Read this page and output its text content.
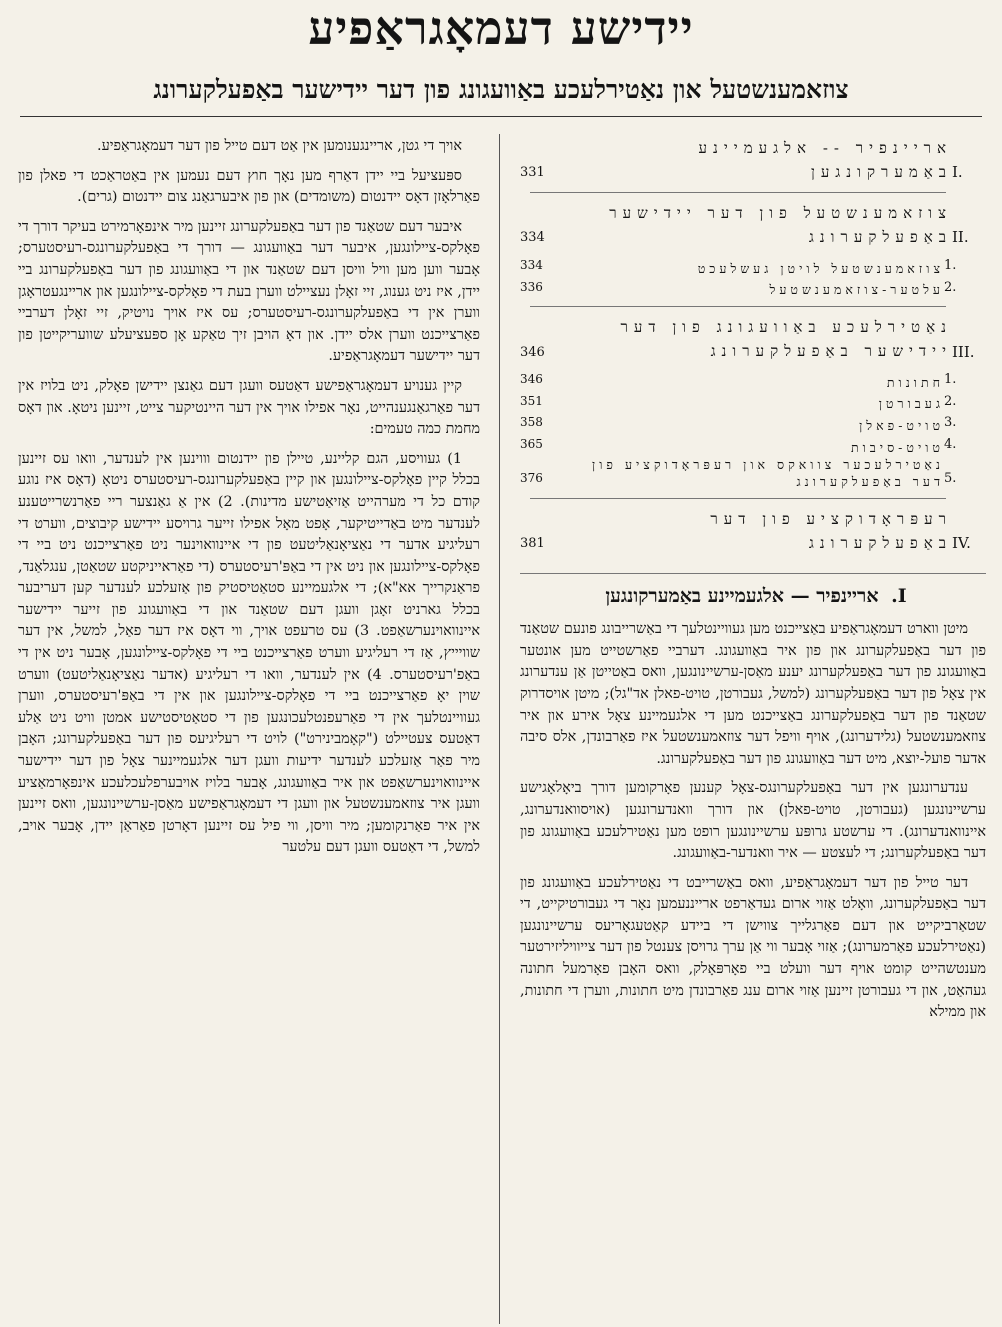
יידישע דעמאָגראַפיע
צוזאמענשטעל און נאַטירלעכע באַוועגונג פון דער יידישער באַפעלקערונג
I.
אריינפיר -- אלגעמיינע באַמערקונגען
331
II.
צוזאמענשטעל פון דער יידישער באַפעלקערונג
334
1.
צוזאמענשטעל לויטן געשלעכט
334
2.
עלטער-צוזאמענשטעל
336
III.
נאַטירלעכע באַוועגונג פון דער יידישער באַפעלקערונג
346
1.
חתונות
346
2.
געבורטן
351
3.
טויט-פאלן
358
4.
טויט-סיבות
365
5.
נאַטירלעכער צוואקס און רעפּראָדוקציע פון דער באַפעלקערונג
376
IV.
רעפּראָדוקציע פון דער באַפעלקערונג
381
I. אריינפיר — אלגעמיינע באַמערקונגען

מיטן ווארט דעמאָגראַפיע באַצייכנט מען געוויינטלעך די באַשרייבונג פונעם שטאַנד פון דער באַפעלקערונג און פון איר באַוועגונג. דערביי פאַרשטייט מען אונטער באַוועגונג פון דער באַפעלקערונג יענע מאַסן-ערשיינונגען, וואס באַטייטן אַן ענדערונג אין צאָל פון דער באַפעלקערונג (למשל, געבורטן, טויט-פאלן אד"גל); מיטן אויסדרוק שטאַנד פון דער באַפעלקערונג באַצייכנט מען די אלגעמיינע צאָל אירע און איר צוזאמענשטעל (גלידערונג), אויף וויפל דער צוזאמענשטעל איז פאַרבונדן, אלס סיבה אדער פועל-יוצא, מיט דער באַוועגונג פון דער באַפעלקערונג.

ענדערונגען אין דער באַפעלקערונגס-צאָל קענען פאָרקומען דורך ביאָלאָגישע ערשיינונגען (געבורטן, טויט-פאלן) און דורך וואנדערונגען (אויסוואנדערונג, איינוואנדערונג). די ערשטע גרופּע ערשיינונגען רופט מען נאַטירלעכע באַוועגונג פון דער באַפעלקערונג; די לעצטע — איר וואנדער-באַוועגונג.

דער טייל פון דער דעמאָגראַפיע, וואס באַשרייבט די נאַטירלעכע באַוועגונג פון דער באַפעלקערונג, וואָלט אַזוי ארום געדאַרפט ארייננעמען נאָר די געבורטיקייט, די שטאַרביקייט און דעם פאַרגלייך צווישן די ביידע קאַטעגאָריעס ערשיינונגען (נאַטירלעכע פאַרמערונג); אַזוי אָבער ווי אַן ערך גרויסן צענטל פון דער צייוויליזירטער מענטשהייט קומט אויף דער וועלט ביי פאָרפּאָלק, וואס האָבן פאָרמעל חתונה געהאַט, און די געבורטן זיינען אַזוי ארום ענג פאַרבונדן מיט חתונות, ווערן די חתונות, און ממילא

אויך די גטן, אריינגענומען אין אַט דעם טייל פון דער דעמאָגראַפיע.

ספּעציעל ביי יידן דאַרף מען נאָך חוץ דעם נעמען אין באַטראַכט די פאלן פון פאַרלאָזן דאָס יידנטום (משומדים) און פון איבערגאַנג צום יידנטום (גרים).

איבער דעם שטאַנד פון דער באַפעלקערונג זיינען מיר אינפאָרמירט בעיקר דורך די פאָלקס-ציילונגען, איבער דער באַוועגונג — דורך די באַפעלקערונגס-רעיסטערס; אָבער ווען מען וויל וויסן דעם שטאַנד און די באַוועגונג פון דער באַפעלקערונג ביי יידן, איז ניט גענוג, זיי זאָלן נעציילט ווערן בעת די פאָלקס-ציילונגען און אריינגעטראָגן ווערן אין די באַפעלקערונגס-רעיסטערס; עס איז אויך נויטיק, זיי זאָלן דערביי פאַרצייכנט ווערן אלס יידן. און דאָ הויבן זיך טאַקע אָן ספּעציעלע שוועריקייטן פון דער יידישער דעמאָגראַפיע.

קיין גענויע דעמאָגראַפישע דאַטעס וועגן דעם גאַנצן יידישן פאָלק, ניט בלויז אין דער פאַרגאַנגענהייט, נאָר אפילו אויך אין דער היינטיקער צייט, זיינען ניטאָ. און דאָס מחמת כמה טעמים:

1) געוויסע, הגם קליינע, טיילן פון יידנטום וווינען אין לענדער, וואו עס זיינען בכלל קיין פאָלקס-ציילונגען און קיין באַפעלקערונגס-רעיסטערס ניטאָ (דאָס איז נוגע קודם כל די מערהייט אַזיאַטישע מדינות). 2) אין אַ גאַנצער ריי פאַרנשרייטענע לענדער מיט באַדייטיקער, אָפט מאָל אפילו זייער גרויסע יידישע קיבוצים, ווערט די רעליגיע אדער די נאַציאָנאַליטעט פון די איינוואוינער ניט פאַרצייכנט ניט ביי די פאָלקס-ציילונגען און ניט אין די באַפּ'רעיסטערס (די פאַראייניקטע שטאַטן, ענגלאַנד, פראַנקרייך אא"א); די אלגעמיינע סטאַטיסטיק פון אַזעלכע לענדער קען דעריבער בכלל גארניט זאָגן וועגן דעם שטאַנד און די באַוועגונג פון זייער יידישער איינוואוינערשאַפט. 3) עס טרעפט אויך, ווי דאָס איז דער פאַל, למשל, אין דער שוויייץ, אַז די רעליגיע ווערט פאַרצייכנט ביי די פאָלקס-ציילונגען, אָבער ניט אין די באַפ'רעיסטערס. 4) אין לענדער, וואו די רעליגיע (אדער נאַציאָנאַליטעט) ווערט שוין יאָ פאַרצייכנט ביי די פאָלקס-ציילונגען און אין די באַפּ'רעיסטערס, ווערן געוויינטלעך אין די פאַרעפנטלעכונגען פון די סטאַטיסטישע אמטן וויט ניט אַלע דאַטעס צעטיילט ("קאָמבינירט") לויט די רעליגיעס פון דער באַפעלקערונג; האָבן מיר פאַר אַזעלכע לענדער ידיעות וועגן דער אלגעמיינער צאָל פון דער יידישער איינוואוינערשאַפט און איר באַוועגונג, אָבער בלויז אויבערפלעכלעכע אינפאָרמאַציע וועגן איר צוזאמענשטעל און וועגן די דעמאָגראַפישע מאַסן-ערשיינונגען, וואס זיינען אין איר פאַרנקומען; מיר וויסן, ווי פיל עס זיינען דאָרטן פאַראַן יידן, אָבער אויב, למשל, די דאַטעס וועגן דעם עלטער
